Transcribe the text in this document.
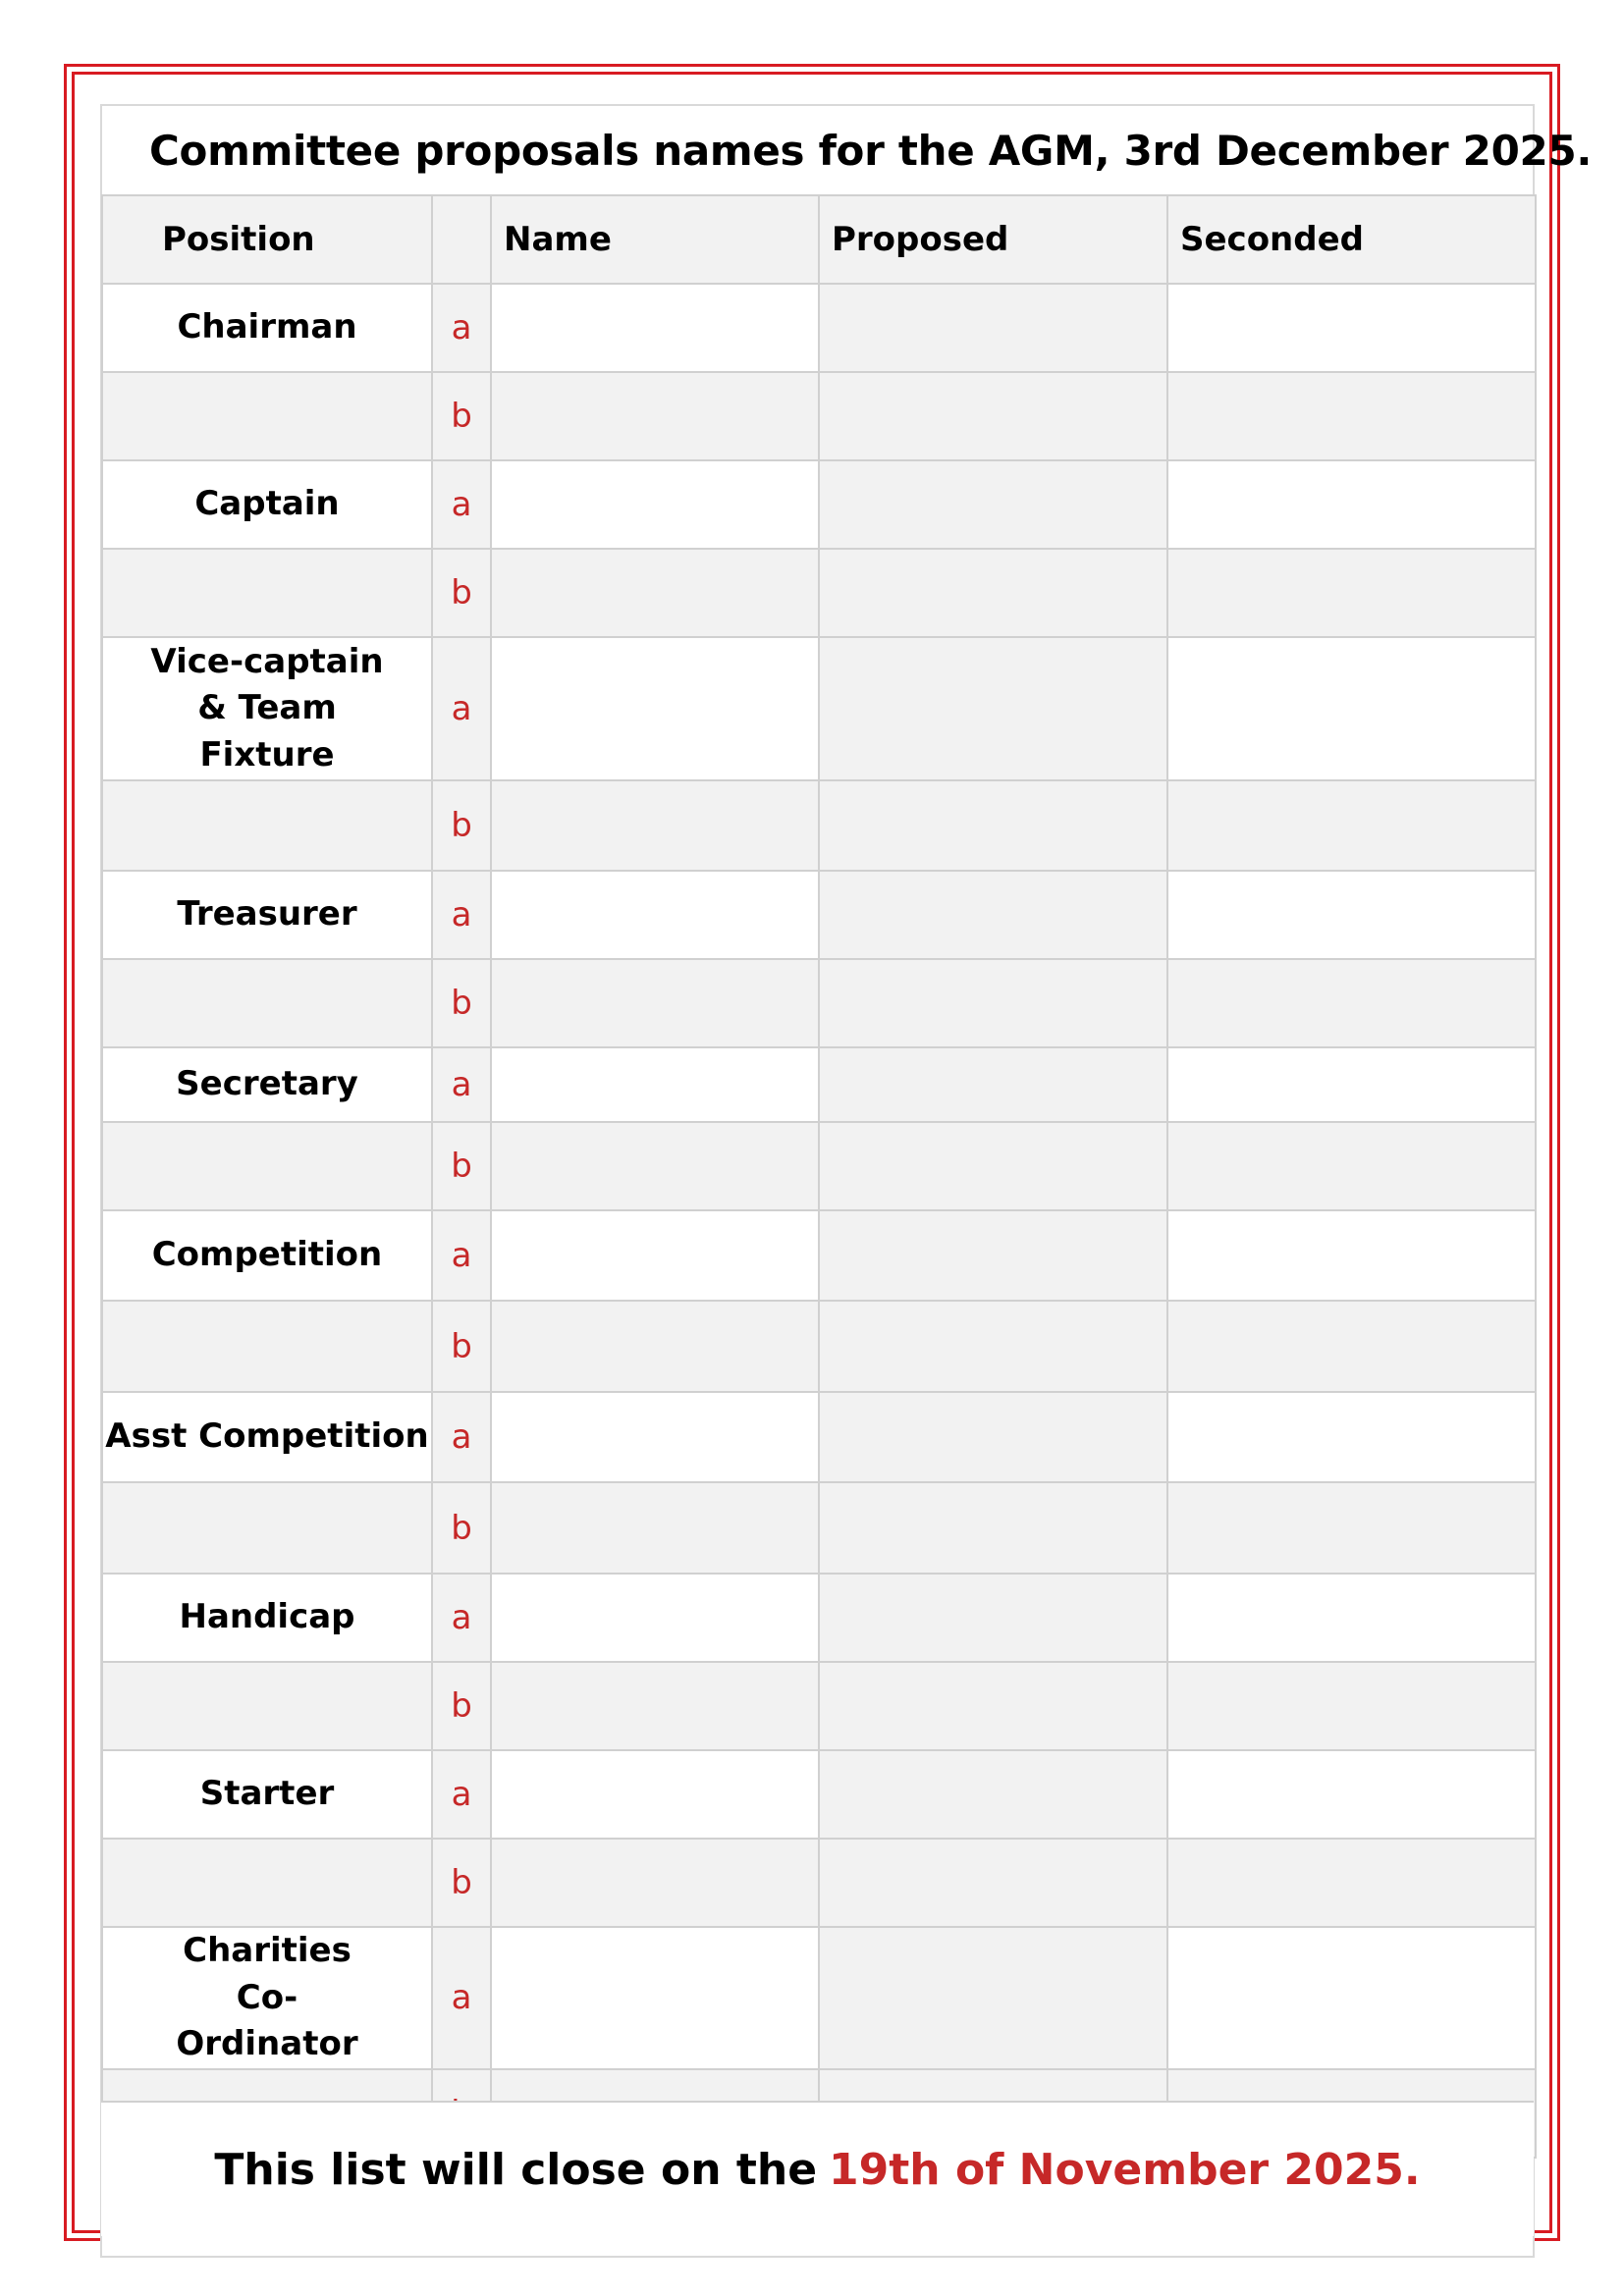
Committee proposals names for the AGM, 3rd December 2025.
Position		Name	Proposed	Seconded
Chairman	a			
	b			
Captain	a			
	b			
Vice-captain & Team Fixture	a			
	b			
Treasurer	a			
	b			
Secretary	a			
	b			
Competition	a			
	b			
Asst Competition	a			
	b			
Handicap	a			
	b			
Starter	a			
	b			
Charities Co-Ordinator	a			

This list will close on the 19th of November 2025.
